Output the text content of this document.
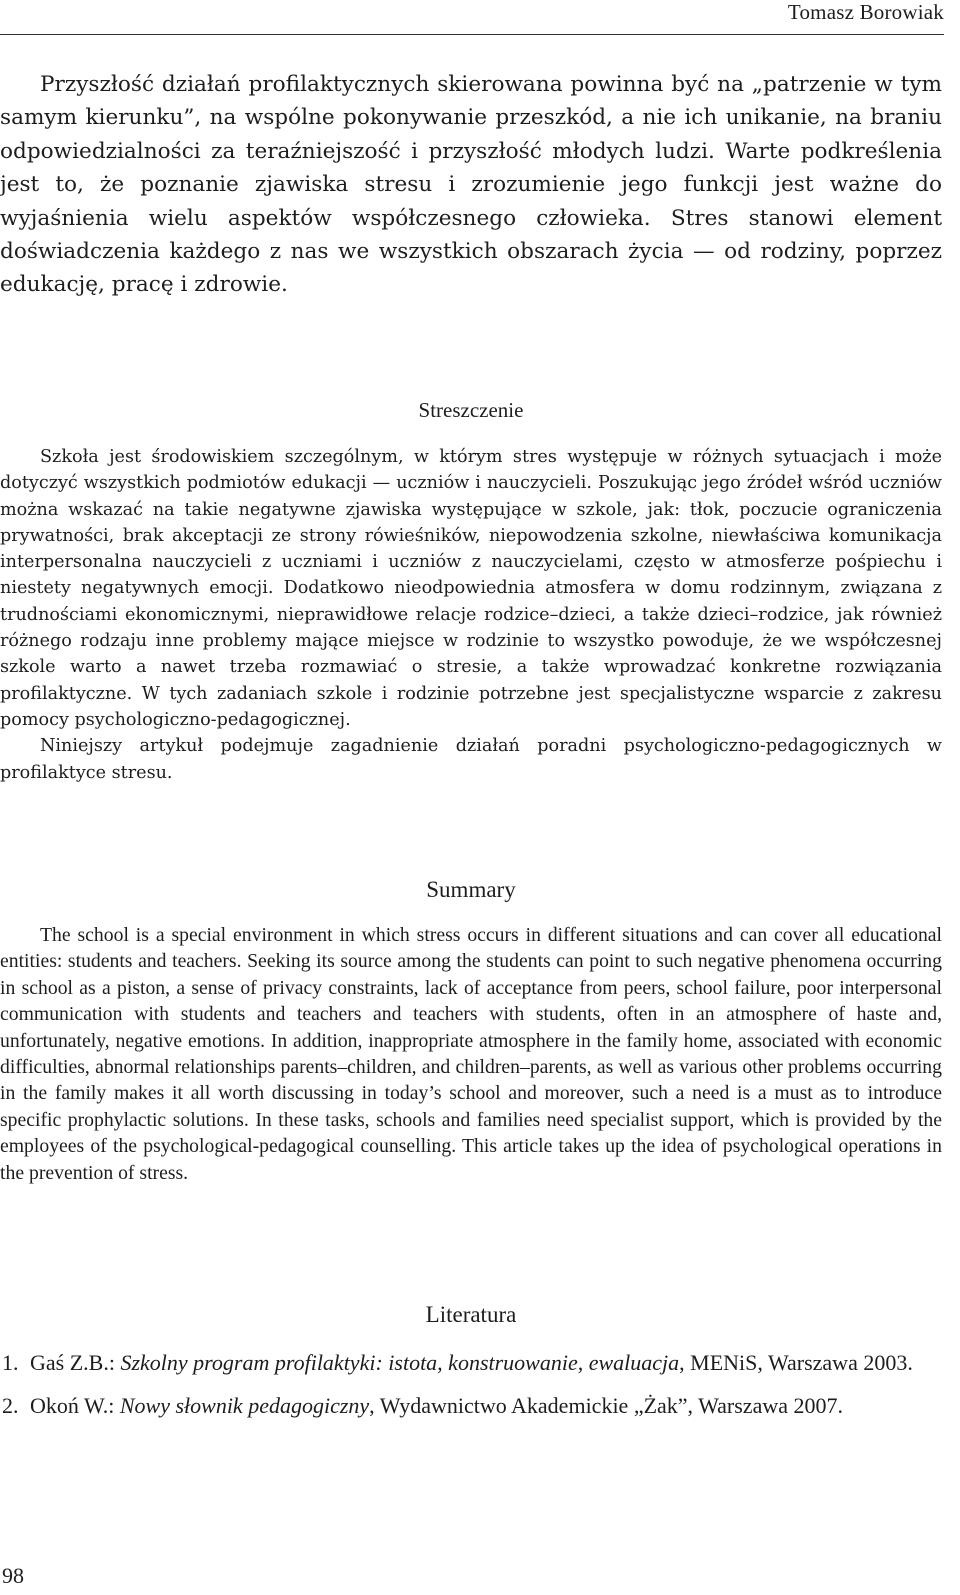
Tomasz Borowiak

Przyszłość działań profilaktycznych skierowana powinna być na „patrzenie w tym samym kierunku”, na wspólne pokonywanie przeszkód, a nie ich unikanie, na braniu odpowiedzialności za teraźniejszość i przyszłość młodych ludzi. Warte podkreślenia jest to, że poznanie zjawiska stresu i zrozumienie jego funkcji jest ważne do wyjaśnienia wielu aspektów współczesnego człowieka. Stres stanowi element doświadczenia każdego z nas we wszystkich obszarach życia — od rodziny, poprzez edukację, pracę i zdrowie.

Streszczenie

Szkoła jest środowiskiem szczególnym, w którym stres występuje w różnych sytuacjach i może dotyczyć wszystkich podmiotów edukacji — uczniów i nauczycieli. Poszukując jego źródeł wśród uczniów można wskazać na takie negatywne zjawiska występujące w szkole, jak: tłok, poczucie ograniczenia prywatności, brak akceptacji ze strony rówieśników, niepowodzenia szkolne, niewłaściwa komunikacja interpersonalna nauczycieli z uczniami i uczniów z nauczycielami, często w atmosferze pośpiechu i niestety negatywnych emocji. Dodatkowo nieodpowiednia atmosfera w domu rodzinnym, związana z trudnościami ekonomicznymi, nieprawidłowe relacje rodzice–dzieci, a także dzieci–rodzice, jak również różnego rodzaju inne problemy mające miejsce w rodzinie to wszystko powoduje, że we współczesnej szkole warto a nawet trzeba rozmawiać o stresie, a także wprowadzać konkretne rozwiązania profilaktyczne. W tych zadaniach szkole i rodzinie potrzebne jest specjalistyczne wsparcie z zakresu pomocy psychologiczno-pedagogicznej.

Niniejszy artykuł podejmuje zagadnienie działań poradni psychologiczno-pedagogicznych w profilaktyce stresu.

Summary

The school is a special environment in which stress occurs in different situations and can cover all educational entities: students and teachers. Seeking its source among the students can point to such negative phenomena occurring in school as a piston, a sense of privacy constraints, lack of acceptance from peers, school failure, poor interpersonal communication with students and teachers and teachers with students, often in an atmosphere of haste and, unfortunately, negative emotions. In addition, inappropriate atmosphere in the family home, associated with economic difficulties, abnormal relationships parents–children, and children–parents, as well as various other problems occurring in the family makes it all worth discussing in today’s school and moreover, such a need is a must as to introduce specific prophylactic solutions. In these tasks, schools and families need specialist support, which is provided by the employees of the psychological-pedagogical counselling. This article takes up the idea of psychological operations in the prevention of stress.

Literatura
1. Gaś Z.B.: Szkolny program profilaktyki: istota, konstruowanie, ewaluacja, MENiS, Warszawa 2003.
2. Okoń W.: Nowy słownik pedagogiczny, Wydawnictwo Akademickie „Żak”, Warszawa 2007.
98
